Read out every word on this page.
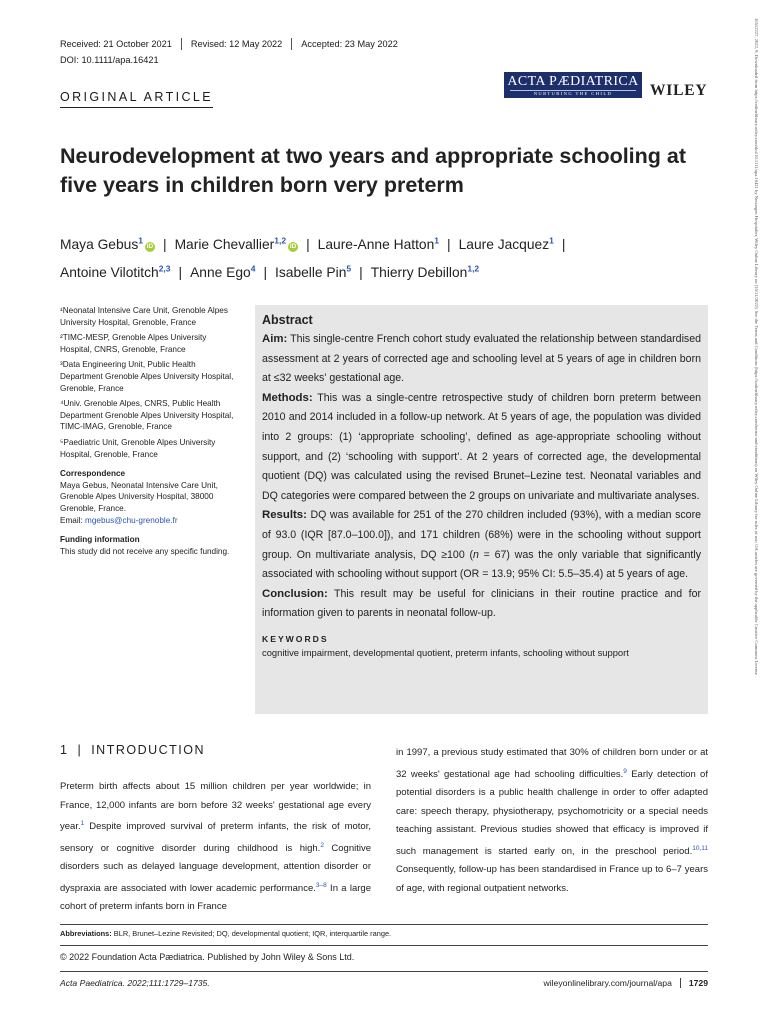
Received: 21 October 2021	Revised: 12 May 2022	Accepted: 23 May 2022
DOI: 10.1111/apa.16421
ORIGINAL ARTICLE
ACTA PÆDIATRICA
NURTURING THE CHILD	WILEY
Neurodevelopment at two years and appropriate schooling at five years in children born very preterm
Maya Gebus$^1$iD | Marie Chevallier$^{1,2}$iD | Laure-Anne Hatton$^1$ | Laure Jacquez$^1$ |
Antoine Vilotitch$^{2,3}$ | Anne Ego$^4$ | Isabelle Pin$^5$ | Thierry Debillon$^{1,2}$
¹Neonatal Intensive Care Unit, Grenoble Alpes University Hospital, Grenoble, France
²TIMC-MESP, Grenoble Alpes University Hospital, CNRS, Grenoble, France
³Data Engineering Unit, Public Health Department Grenoble Alpes University Hospital, Grenoble, France
⁴Univ. Grenoble Alpes, CNRS, Public Health Department Grenoble Alpes University Hospital, TIMC-IMAG, Grenoble, France
⁵Paediatric Unit, Grenoble Alpes University Hospital, Grenoble, France
Correspondence
Maya Gebus, Neonatal Intensive Care Unit, Grenoble Alpes University Hospital, 38000 Grenoble, France.
Email: mgebus@chu-grenoble.fr
Funding information
This study did not receive any specific funding.
Abstract

Aim: This single-centre French cohort study evaluated the relationship between standardised assessment at 2 years of corrected age and schooling level at 5 years of age in children born at ≤32 weeks' gestational age.

Methods: This was a single-centre retrospective study of children born preterm between 2010 and 2014 included in a follow-up network. At 5 years of age, the population was divided into 2 groups: (1) ‘appropriate schooling’, defined as age-appropriate schooling without support, and (2) ‘schooling with support’. At 2 years of corrected age, the developmental quotient (DQ) was calculated using the revised Brunet–Lezine test. Neonatal variables and DQ categories were compared between the 2 groups on univariate and multivariate analyses.

Results: DQ was available for 251 of the 270 children included (93%), with a median score of 93.0 (IQR [87.0–100.0]), and 171 children (68%) were in the schooling without support group. On multivariate analysis, DQ ≥100 (n = 67) was the only variable that significantly associated with schooling without support (OR = 13.9; 95% CI: 5.5–35.4) at 5 years of age.

Conclusion: This result may be useful for clinicians in their routine practice and for information given to parents in neonatal follow-up.

KEYWORDS
cognitive impairment, developmental quotient, preterm infants, schooling without support
1 | INTRODUCTION

Preterm birth affects about 15 million children per year worldwide; in France, 12,000 infants are born before 32 weeks' gestational age every year.$^1$ Despite improved survival of preterm infants, the risk of motor, sensory or cognitive disorder during childhood is high.$^2$ Cognitive disorders such as delayed language development, attention disorder or dyspraxia are associated with lower academic performance.$^{3-8}$ In a large cohort of preterm infants born in France

in 1997, a previous study estimated that 30% of children born under or at 32 weeks' gestational age had schooling difficulties.$^9$ Early detection of potential disorders is a public health challenge in order to offer adapted care: speech therapy, physiotherapy, psychomotricity or a special needs teaching assistant. Previous studies showed that efficacy is improved if such management is started early on, in the preschool period.$^{10,11}$ Consequently, follow-up has been standardised in France up to 6–7 years of age, with regional outpatient networks.

Abbreviations: BLR, Brunet–Lezine Revisited; DQ, developmental quotient; IQR, interquartile range.
© 2022 Foundation Acta Pædiatrica. Published by John Wiley & Sons Ltd.
Acta Paediatrica. 2022;111:1729–1735.	wileyonlinelibrary.com/journal/apa	1729
16512227, 2022, 9, Downloaded from https://onlinelibrary.wiley.com/doi/10.1111/apa.16421 by Nectargen Hospitalier, Wiley Online Library on [16/11/2022]. See the Terms and Conditions (https://onlinelibrary.wiley.com/terms-and-conditions) on Wiley Online Library for rules of use; OA articles are governed by the applicable Creative Commons License
